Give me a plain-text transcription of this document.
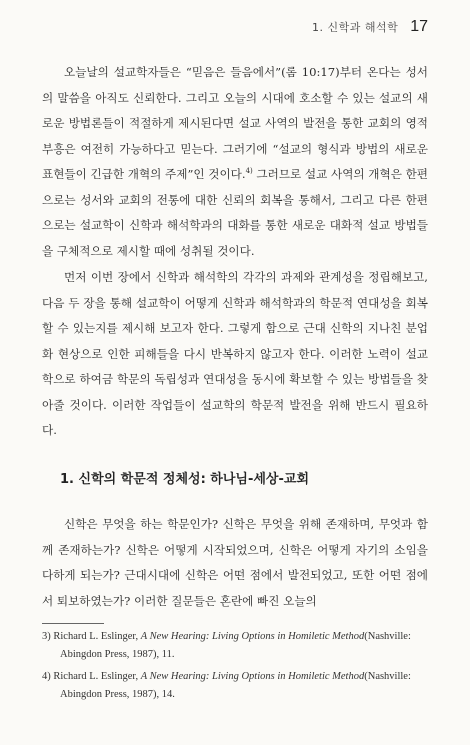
1. 신학과 해석학 17

오늘날의 설교학자들은 “믿음은 들음에서”(롬 10:17)부터 온다는 성서의 말씀을 아직도 신뢰한다. 그리고 오늘의 시대에 호소할 수 있는 설교의 새로운 방법론들이 적절하게 제시된다면 설교 사역의 발전을 통한 교회의 영적 부흥은 여전히 가능하다고 믿는다. 그러기에 “설교의 형식과 방법의 새로운 표현들이 긴급한 개혁의 주제”인 것이다.$^{4)}$ 그러므로 설교 사역의 개혁은 한편으로는 성서와 교회의 전통에 대한 신뢰의 회복을 통해서, 그리고 다른 한편으로는 설교학이 신학과 해석학과의 대화를 통한 새로운 대화적 설교 방법들을 구체적으로 제시할 때에 성취될 것이다.

먼저 이번 장에서 신학과 해석학의 각각의 과제와 관계성을 정립해보고, 다음 두 장을 통해 설교학이 어떻게 신학과 해석학과의 학문적 연대성을 회복할 수 있는지를 제시해 보고자 한다. 그렇게 함으로 근대 신학의 지나친 분업화 현상으로 인한 피해들을 다시 반복하지 않고자 한다. 이러한 노력이 설교학으로 하여금 학문의 독립성과 연대성을 동시에 확보할 수 있는 방법들을 찾아줄 것이다. 이러한 작업들이 설교학의 학문적 발전을 위해 반드시 필요하다.

1. 신학의 학문적 정체성: 하나님-세상-교회

신학은 무엇을 하는 학문인가? 신학은 무엇을 위해 존재하며, 무엇과 함께 존재하는가? 신학은 어떻게 시작되었으며, 신학은 어떻게 자기의 소임을 다하게 되는가? 근대시대에 신학은 어떤 점에서 발전되었고, 또한 어떤 점에서 퇴보하였는가? 이러한 질문들은 혼란에 빠진 오늘의

3) Richard L. Eslinger, A New Hearing: Living Options in Homiletic Method(Nashville: Abingdon Press, 1987), 11.
4) Richard L. Eslinger, A New Hearing: Living Options in Homiletic Method(Nashville: Abingdon Press, 1987), 14.
